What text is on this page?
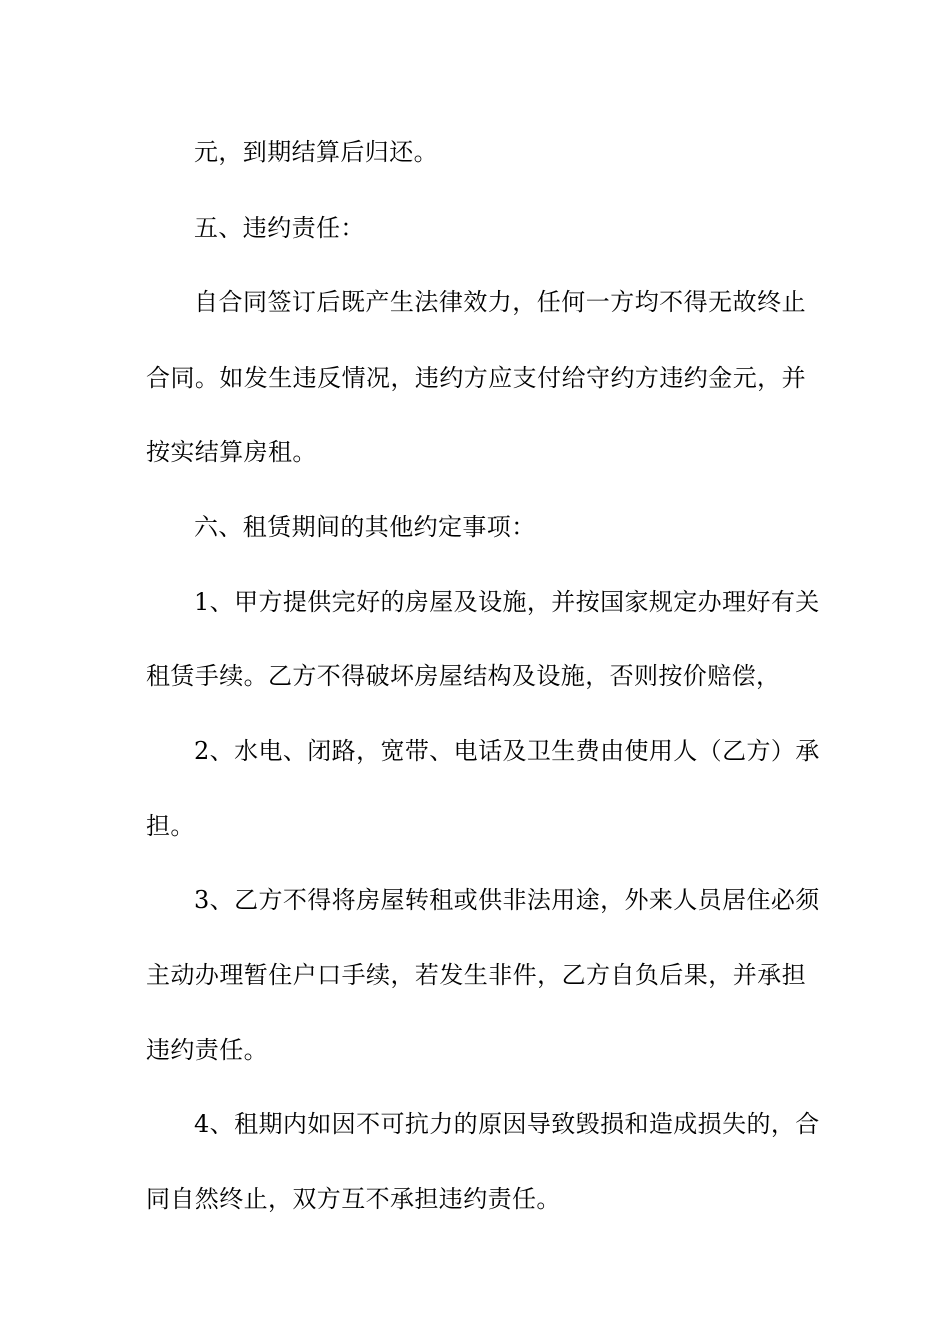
元，到期结算后归还。
五、违约责任：
自合同签订后既产生法律效力，任何一方均不得无故终止
合同。如发生违反情况，违约方应支付给守约方违约金元，并
按实结算房租。
六、租赁期间的其他约定事项：
1、甲方提供完好的房屋及设施，并按国家规定办理好有关
租赁手续。乙方不得破坏房屋结构及设施，否则按价赔偿，
2、水电、闭路，宽带、电话及卫生费由使用人（乙方）承
担。
3、乙方不得将房屋转租或供非法用途，外来人员居住必须
主动办理暂住户口手续，若发生非件，乙方自负后果，并承担
违约责任。
4、租期内如因不可抗力的原因导致毁损和造成损失的，合
同自然终止，双方互不承担违约责任。
